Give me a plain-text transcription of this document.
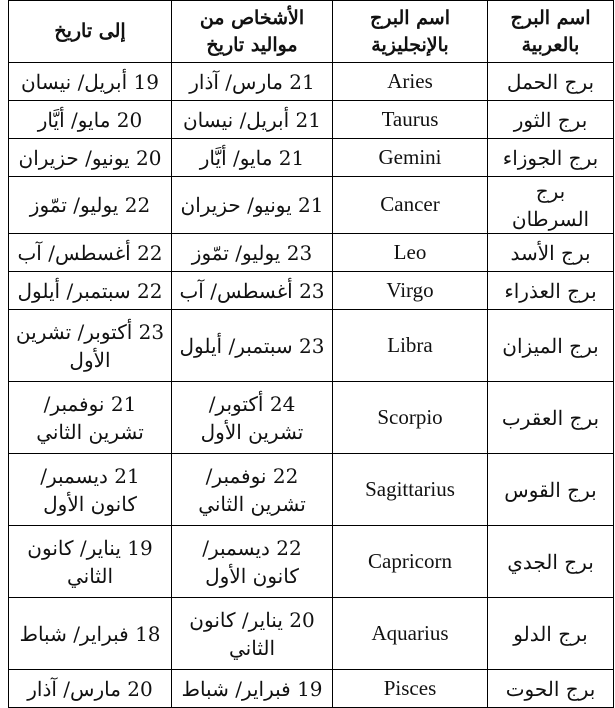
اسم البرج بالعربية	اسم البرج بالإنجليزية	الأشخاص من مواليد تاريخ	إلى تاريخ
برج الحمل	Aries	21 مارس/ آذار	19 أبريل/ نيسان
برج الثور	Taurus	21 أبريل/ نيسان	20 مايو/ أيَّار
برج الجوزاء	Gemini	21 مايو/ أيَّار	20 يونيو/ حزيران
برج السرطان	Cancer	21 يونيو/ حزيران	22 يوليو/ تمّوز
برج الأسد	Leo	23 يوليو/ تمّوز	22 أغسطس/ آب
برج العذراء	Virgo	23 أغسطس/ آب	22 سبتمبر/ أيلول
برج الميزان	Libra	23 سبتمبر/ أيلول	23 أكتوبر/ تشرين الأول
برج العقرب	Scorpio	24 أكتوبر/ تشرين الأول	21 نوفمبر/ تشرين الثاني
برج القوس	Sagittarius	22 نوفمبر/ تشرين الثاني	21 ديسمبر/ كانون الأول
برج الجدي	Capricorn	22 ديسمبر/ كانون الأول	19 يناير/ كانون الثاني
برج الدلو	Aquarius	20 يناير/ كانون الثاني	18 فبراير/ شباط
برج الحوت	Pisces	19 فبراير/ شباط	20 مارس/ آذار
